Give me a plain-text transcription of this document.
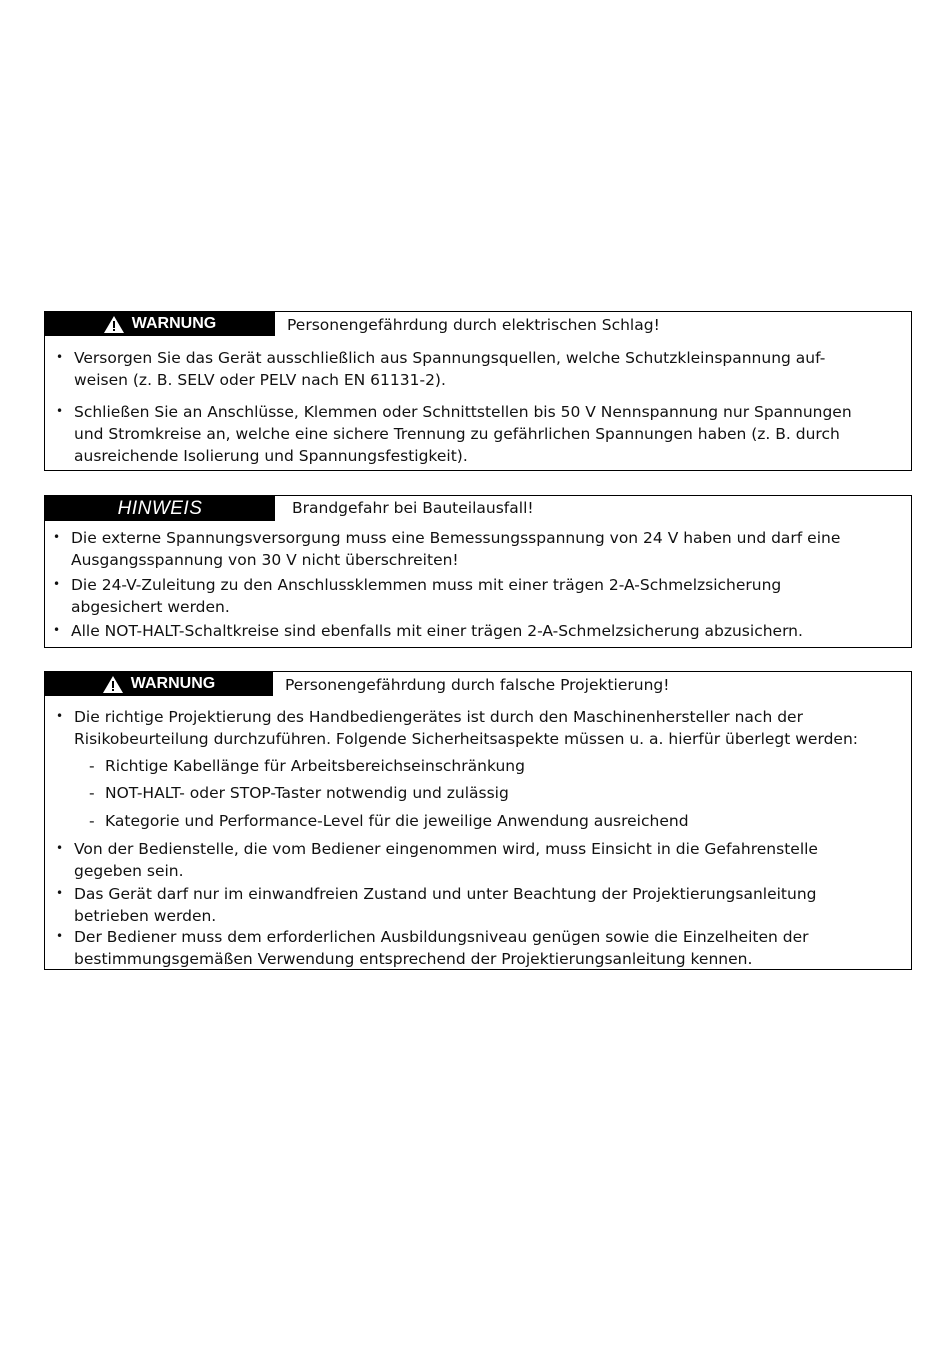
WARNUNG	Personengefährdung durch elektrischen Schlag!
• Versorgen Sie das Gerät ausschließlich aus Spannungsquellen, welche Schutzkleinspannung auf-
weisen (z. B. SELV oder PELV nach EN 61131-2).
• Schließen Sie an Anschlüsse, Klemmen oder Schnittstellen bis 50 V Nennspannung nur Spannungen
und Stromkreise an, welche eine sichere Trennung zu gefährlichen Spannungen haben (z. B. durch
ausreichende Isolierung und Spannungsfestigkeit).
HINWEIS	Brandgefahr bei Bauteilausfall!
• Die externe Spannungsversorgung muss eine Bemessungsspannung von 24 V haben und darf eine
Ausgangsspannung von 30 V nicht überschreiten!
• Die 24-V-Zuleitung zu den Anschlussklemmen muss mit einer trägen 2-A-Schmelzsicherung
abgesichert werden.
• Alle NOT-HALT-Schaltkreise sind ebenfalls mit einer trägen 2-A-Schmelzsicherung abzusichern.
WARNUNG	Personengefährdung durch falsche Projektierung!
• Die richtige Projektierung des Handbediengerätes ist durch den Maschinenhersteller nach der
Risikobeurteilung durchzuführen. Folgende Sicherheitsaspekte müssen u. a. hierfür überlegt werden:
- Richtige Kabellänge für Arbeitsbereichseinschränkung
- NOT-HALT- oder STOP-Taster notwendig und zulässig
- Kategorie und Performance-Level für die jeweilige Anwendung ausreichend
• Von der Bedienstelle, die vom Bediener eingenommen wird, muss Einsicht in die Gefahrenstelle
gegeben sein.
• Das Gerät darf nur im einwandfreien Zustand und unter Beachtung der Projektierungsanleitung
betrieben werden.
• Der Bediener muss dem erforderlichen Ausbildungsniveau genügen sowie die Einzelheiten der
bestimmungsgemäßen Verwendung entsprechend der Projektierungsanleitung kennen.
